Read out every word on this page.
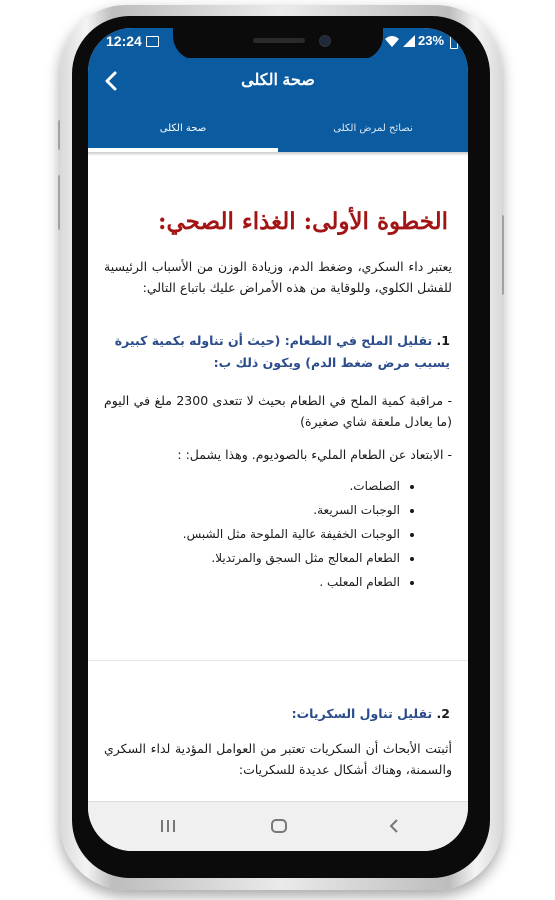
12:24	23%
صحة الكلى
صحة الكلى	نصائح لمرض الكلى
الخطوة الأولى: الغذاء الصحي:
يعتبر داء السكري، وضغط الدم، وزيادة الوزن من الأسباب الرئيسية للفشل الكلوي، وللوقاية من هذه الأمراض عليك باتباع التالي:
1. تقليل الملح في الطعام: (حيث أن تناوله بكمية كبيرة يسبب مرض ضغط الدم) ويكون ذلك ب:
- مراقبة كمية الملح في الطعام بحيث لا تتعدى 2300 ملغ في اليوم (ما يعادل ملعقة شاي صغيرة)
- الابتعاد عن الطعام المليء بالصوديوم. وهذا يشمل: :
• الصلصات.
• الوجبات السريعة.
• الوجبات الخفيفة عالية الملوحة مثل الشبس.
• الطعام المعالج مثل السجق والمرتديلا.
• الطعام المعلب .
2. تقليل تناول السكريات:
أثبتت الأبحاث أن السكريات تعتبر من العوامل المؤدية لداء السكري والسمنة، وهناك أشكال عديدة للسكريات:
